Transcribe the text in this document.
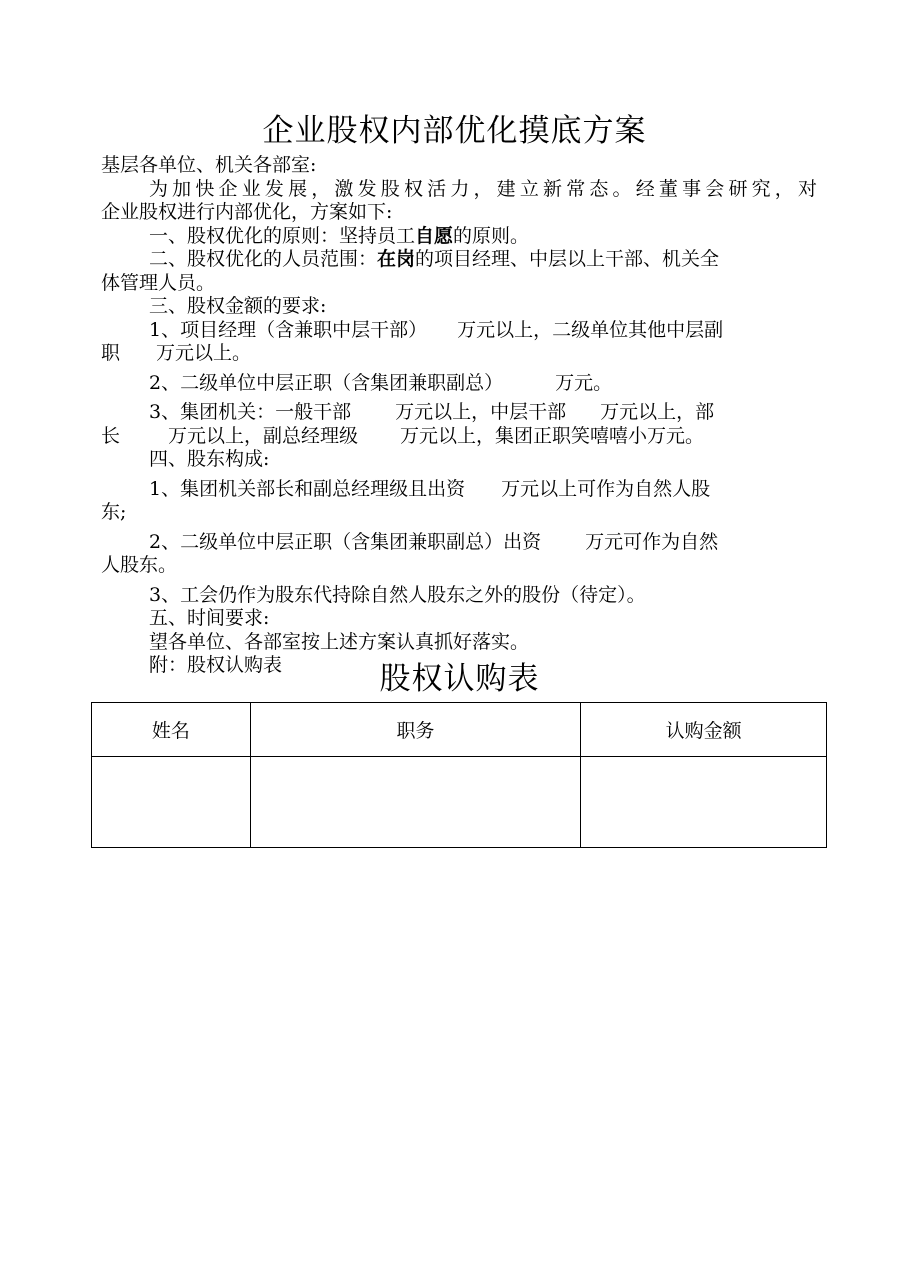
企业股权内部优化摸底方案
基层各单位、机关各部室:
为加快企业发展，激发股权活力，建立新常态。经董事会研究，对
企业股权进行内部优化，方案如下:
一、股权优化的原则：坚持员工自愿的原则。
二、股权优化的人员范围：在岗的项目经理、中层以上干部、机关全
体管理人员。
三、股权金额的要求:
1、项目经理（含兼职中层干部） 万元以上，二级单位其他中层副
职 万元以上。
2、二级单位中层正职（含集团兼职副总）	万元。
3、集团机关：一般干部 万元以上，中层干部 万元以上，部
长	万元以上，副总经理级 万元以上，集团正职笑嘻嘻小万元。
四、股东构成:
1、集团机关部长和副总经理级且出资 万元以上可作为自然人股
东;
2、二级单位中层正职（含集团兼职副总）出资 万元可作为自然
人股东。
3、工会仍作为股东代持除自然人股东之外的股份（待定）。
五、时间要求:
望各单位、各部室按上述方案认真抓好落实。
附：股权认购表	股权认购表
姓名	职务	认购金额
